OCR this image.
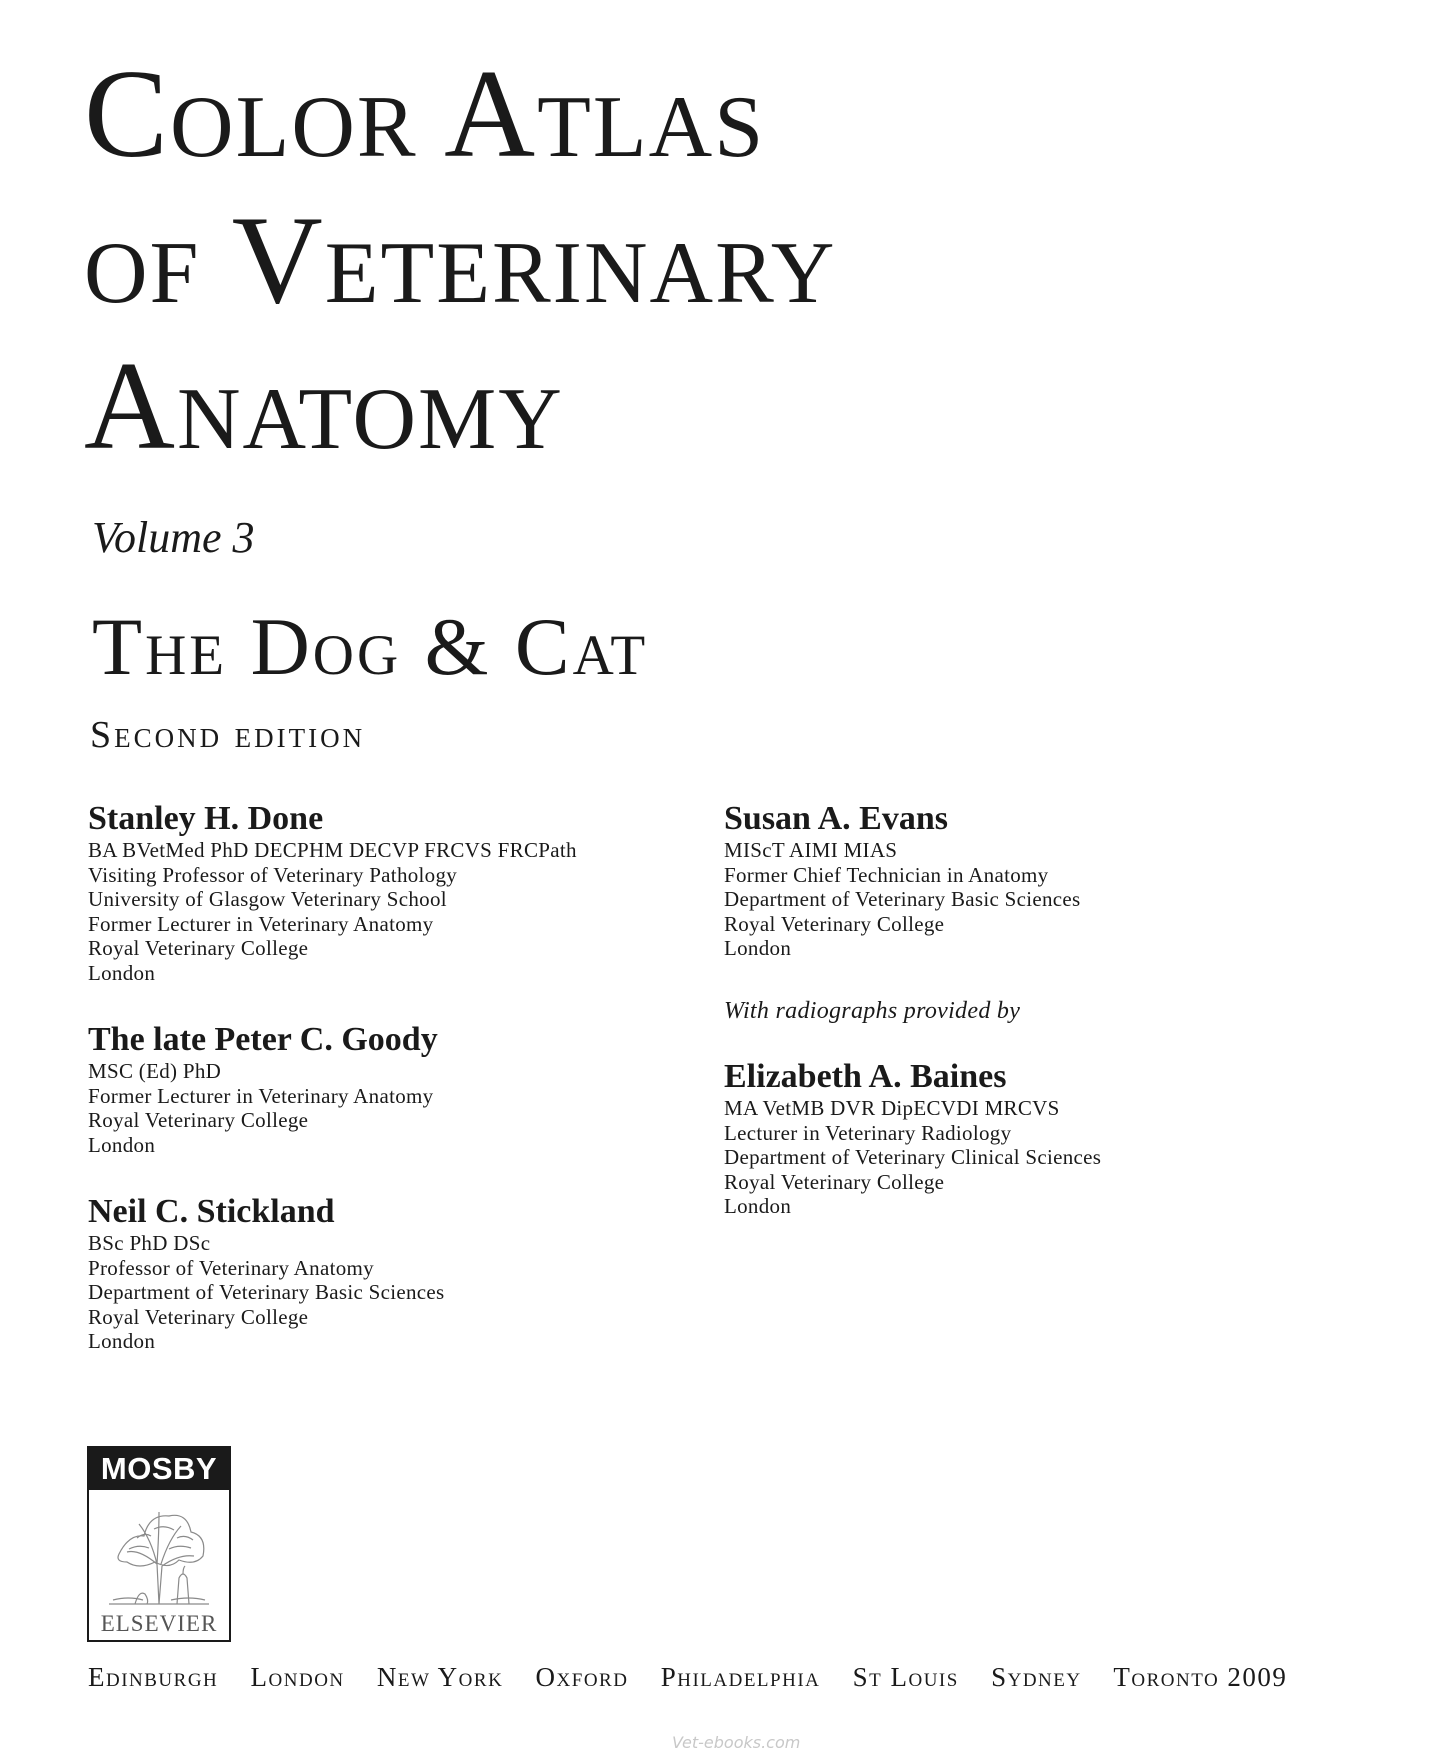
Color Atlas
of Veterinary
Anatomy
Volume 3
The Dog & Cat
Second edition
Stanley H. Done
BA BVetMed PhD DECPHM DECVP FRCVS FRCPath
Visiting Professor of Veterinary Pathology
University of Glasgow Veterinary School
Former Lecturer in Veterinary Anatomy
Royal Veterinary College
London
The late Peter C. Goody
MSC (Ed) PhD
Former Lecturer in Veterinary Anatomy
Royal Veterinary College
London
Neil C. Stickland
BSc PhD DSc
Professor of Veterinary Anatomy
Department of Veterinary Basic Sciences
Royal Veterinary College
London
Susan A. Evans
MIScT AIMI MIAS
Former Chief Technician in Anatomy
Department of Veterinary Basic Sciences
Royal Veterinary College
London
With radiographs provided by
Elizabeth A. Baines
MA VetMB DVR DipECVDI MRCVS
Lecturer in Veterinary Radiology
Department of Veterinary Clinical Sciences
Royal Veterinary College
London
MOSBY
ELSEVIER
Edinburgh London New York Oxford Philadelphia St Louis Sydney Toronto 2009
Vet-ebooks.com
